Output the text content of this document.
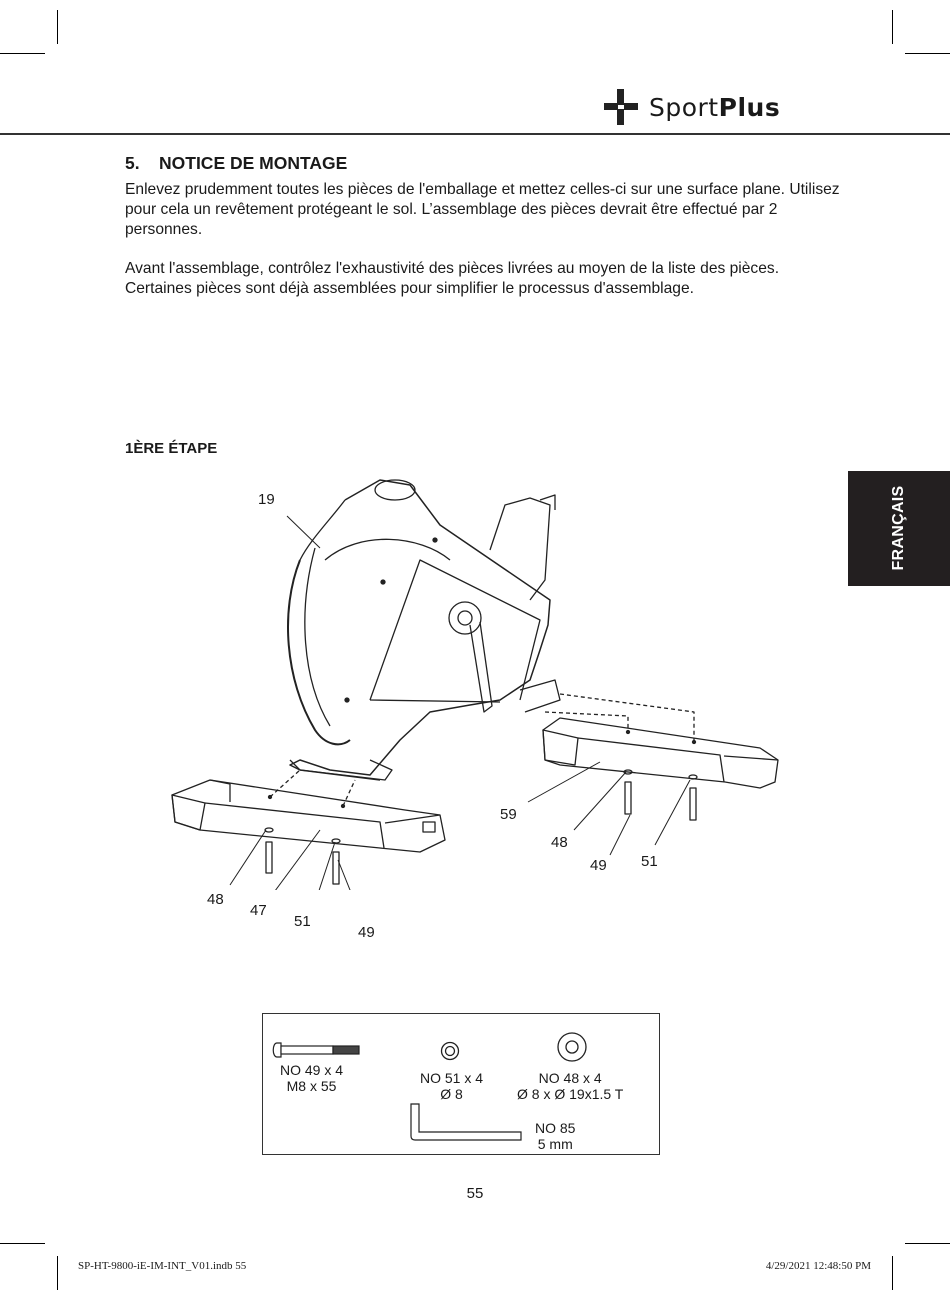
SportPlus
5. NOTICE DE MONTAGE

Enlevez prudemment toutes les pièces de l'emballage et mettez celles-ci sur une surface plane. Utilisez pour cela un revêtement protégeant le sol. L’assemblage des pièces devrait être effectué par 2 personnes.

Avant l'assemblage, contrôlez l'exhaustivité des pièces livrées au moyen de la liste des pièces. Certaines pièces sont déjà assemblées pour simplifier le processus d'assemblage.

1ÈRE ÉTAPE
FRANÇAIS
19
59
48
49 51
48
47
51
49
NO 49 x 4
M8 x 55	NO 51 x 4
Ø 8
NO 48 x 4
Ø 8 x Ø 19x1.5 T
NO 85
5 mm
55
SP-HT-9800-iE-IM-INT_V01.indb 55	4/29/2021 12:48:50 PM
